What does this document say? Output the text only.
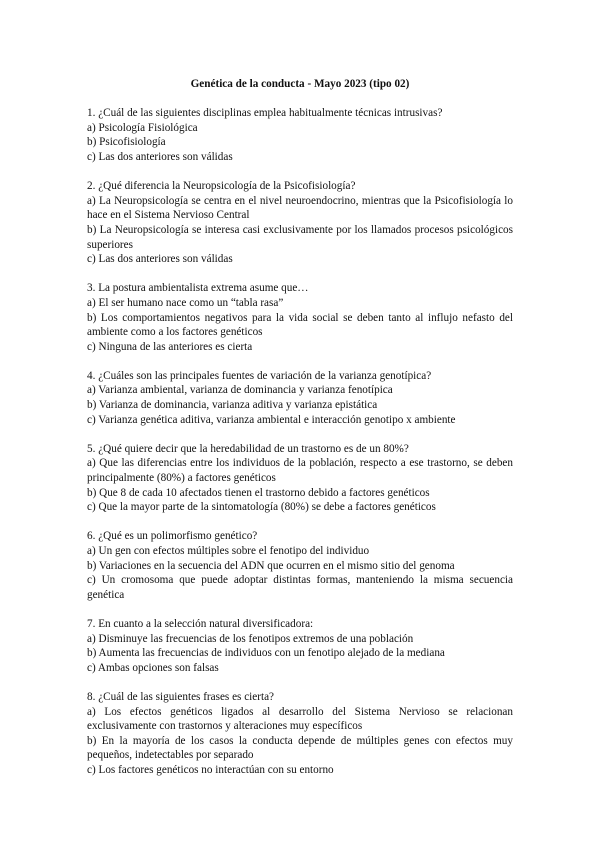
Genética de la conducta - Mayo 2023 (tipo 02)

1. ¿Cuál de las siguientes disciplinas emplea habitualmente técnicas intrusivas?

a) Psicología Fisiológica

b) Psicofisiología

c) Las dos anteriores son válidas

2. ¿Qué diferencia la Neuropsicología de la Psicofisiología?

a) La Neuropsicología se centra en el nivel neuroendocrino, mientras que la Psicofisiología lo hace en el Sistema Nervioso Central

b) La Neuropsicología se interesa casi exclusivamente por los llamados procesos psicológicos superiores

c) Las dos anteriores son válidas

3. La postura ambientalista extrema asume que…

a) El ser humano nace como un “tabla rasa”

b) Los comportamientos negativos para la vida social se deben tanto al influjo nefasto del ambiente como a los factores genéticos

c) Ninguna de las anteriores es cierta

4. ¿Cuáles son las principales fuentes de variación de la varianza genotípica?

a) Varianza ambiental, varianza de dominancia y varianza fenotípica

b) Varianza de dominancia, varianza aditiva y varianza epistática

c) Varianza genética aditiva, varianza ambiental e interacción genotipo x ambiente

5. ¿Qué quiere decir que la heredabilidad de un trastorno es de un 80%?

a) Que las diferencias entre los individuos de la población, respecto a ese trastorno, se deben principalmente (80%) a factores genéticos

b) Que 8 de cada 10 afectados tienen el trastorno debido a factores genéticos

c) Que la mayor parte de la sintomatología (80%) se debe a factores genéticos

6. ¿Qué es un polimorfismo genético?

a) Un gen con efectos múltiples sobre el fenotipo del individuo

b) Variaciones en la secuencia del ADN que ocurren en el mismo sitio del genoma

c) Un cromosoma que puede adoptar distintas formas, manteniendo la misma secuencia genética

7. En cuanto a la selección natural diversificadora:

a) Disminuye las frecuencias de los fenotipos extremos de una población

b) Aumenta las frecuencias de individuos con un fenotipo alejado de la mediana

c) Ambas opciones son falsas

8. ¿Cuál de las siguientes frases es cierta?

a) Los efectos genéticos ligados al desarrollo del Sistema Nervioso se relacionan exclusivamente con trastornos y alteraciones muy específicos

b) En la mayoría de los casos la conducta depende de múltiples genes con efectos muy pequeños, indetectables por separado

c) Los factores genéticos no interactúan con su entorno
